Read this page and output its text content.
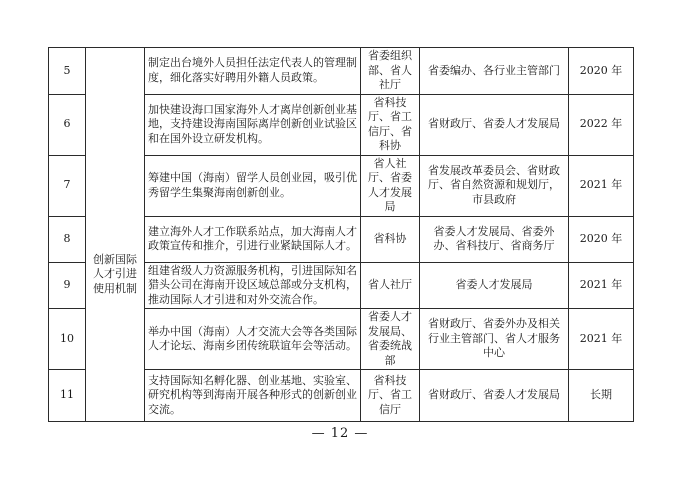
5	创新国际人才引进使用机制	制定出台境外人员担任法定代表人的管理制度，细化落实好聘用外籍人员政策。	省委组织部、省人社厅	省委编办、各行业主管部门	2020 年
6		加快建设海口国家海外人才离岸创新创业基地，支持建设海南国际离岸创新创业试验区和在国外设立研发机构。	省科技厅、省工信厅、省科协	省财政厅、省委人才发展局	2022 年
7		筹建中国（海南）留学人员创业园，吸引优秀留学生集聚海南创新创业。	省人社厅、省委人才发展局	省发展改革委员会、省财政厅、省自然资源和规划厅，市县政府	2021 年
8		建立海外人才工作联系站点，加大海南人才政策宣传和推介，引进行业紧缺国际人才。	省科协	省委人才发展局、省委外办、省科技厅、省商务厅	2020 年
9		组建省级人力资源服务机构，引进国际知名猎头公司在海南开设区域总部或分支机构，推动国际人才引进和对外交流合作。	省人社厅	省委人才发展局	2021 年
10		举办中国（海南）人才交流大会等各类国际人才论坛、海南乡团传统联谊年会等活动。	省委人才发展局、省委统战部	省财政厅、省委外办及相关行业主管部门、省人才服务中心	2021 年
11		支持国际知名孵化器、创业基地、实验室、研究机构等到海南开展各种形式的创新创业交流。	省科技厅、省工信厅	省财政厅、省委人才发展局	长期
— 12 —
